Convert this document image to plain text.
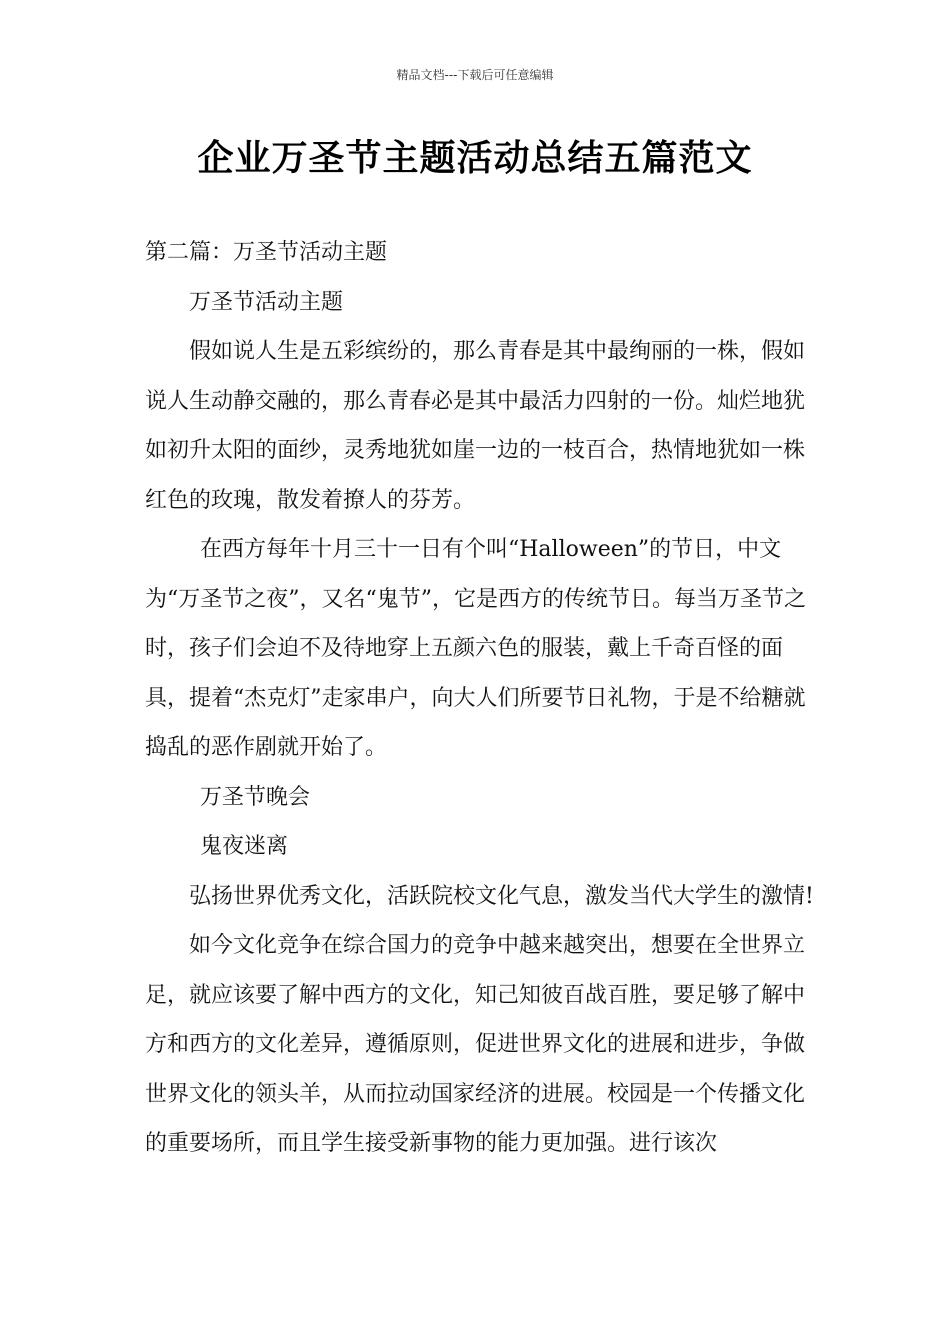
精品文档---下载后可任意编辑
企业万圣节主题活动总结五篇范文

第二篇：万圣节活动主题

万圣节活动主题

假如说人生是五彩缤纷的，那么青春是其中最绚丽的一株，假如说人生动静交融的，那么青春必是其中最活力四射的一份。灿烂地犹如初升太阳的面纱，灵秀地犹如崖一边的一枝百合，热情地犹如一株红色的玫瑰，散发着撩人的芬芳。

在西方每年十月三十一日有个叫“Halloween”的节日，中文为“万圣节之夜”，又名“鬼节”，它是西方的传统节日。每当万圣节之时，孩子们会迫不及待地穿上五颜六色的服装，戴上千奇百怪的面具，提着“杰克灯”走家串户，向大人们所要节日礼物，于是不给糖就捣乱的恶作剧就开始了。

万圣节晚会

鬼夜迷离

弘扬世界优秀文化，活跃院校文化气息，激发当代大学生的激情!

如今文化竞争在综合国力的竞争中越来越突出，想要在全世界立足，就应该要了解中西方的文化，知己知彼百战百胜，要足够了解中方和西方的文化差异，遵循原则，促进世界文化的进展和进步，争做世界文化的领头羊，从而拉动国家经济的进展。校园是一个传播文化的重要场所，而且学生接受新事物的能力更加强。进行该次
